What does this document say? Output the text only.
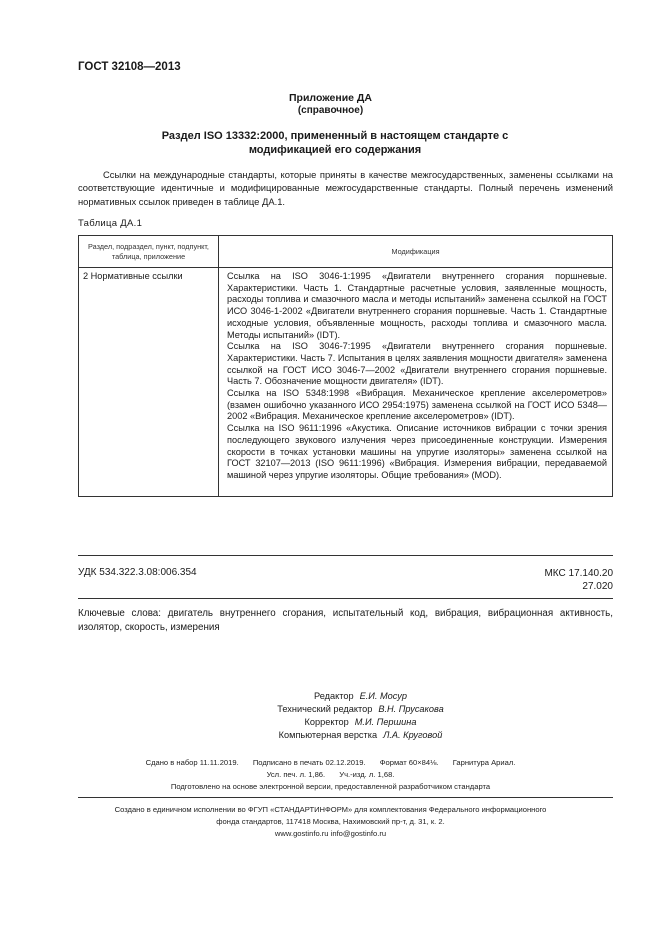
ГОСТ 32108—2013
Приложение ДА
(справочное)
Раздел ISO 13332:2000, примененный в настоящем стандарте с модификацией его содержания
Ссылки на международные стандарты, которые приняты в качестве межгосударственных, заменены ссылками на соответствующие идентичные и модифицированные межгосударственные стандарты. Полный перечень изменений нормативных ссылок приведен в таблице ДА.1.
Таблица ДА.1
Раздел, подраздел, пункт, подпункт, таблица, приложение	Модификация
2 Нормативные ссылки	Ссылка на ISO 3046-1:1995 «Двигатели внутреннего сгорания поршневые. Характеристики. Часть 1. Стандартные расчетные условия, заявленные мощность, расходы топлива и смазочного масла и методы испытаний» заменена ссылкой на ГОСТ ИСО 3046-1-2002 «Двигатели внутреннего сгорания поршневые. Часть 1. Стандартные исходные условия, объявленные мощность, расходы топлива и смазочного масла. Методы испытаний» (IDT).

Ссылка на ISO 3046-7:1995 «Двигатели внутреннего сгорания поршневые. Характеристики. Часть 7. Испытания в целях заявления мощности двигателя» заменена ссылкой на ГОСТ ИСО 3046-7—2002 «Двигатели внутреннего сгорания поршневые. Часть 7. Обозначение мощности двигателя» (IDT).

Ссылка на ISO 5348:1998 «Вибрация. Механическое крепление акселерометров» (взамен ошибочно указанного ИСО 2954:1975) заменена ссылкой на ГОСТ ИСО 5348—2002 «Вибрация. Механическое крепление акселерометров» (IDT).

Ссылка на ISO 9611:1996 «Акустика. Описание источников вибрации с точки зрения последующего звукового излучения через присоединенные конструкции. Измерения скорости в точках установки машины на упругие изоляторы» заменена ссылкой на ГОСТ 32107—2013 (ISO 9611:1996) «Вибрация. Измерения вибрации, передаваемой машиной через упругие изоляторы. Общие требования» (MOD).

УДК 534.322.3.08:006.354	МКС 17.140.20
27.020
Ключевые слова: двигатель внутреннего сгорания, испытательный код, вибрация, вибрационная активность, изолятор, скорость, измерения
Редактор Е.И. Мосур
Технический редактор В.Н. Прусакова
Корректор М.И. Першина
Компьютерная верстка Л.А. Круговой
Сдано в набор 11.11.2019. Подписано в печать 02.12.2019. Формат 60×84⅛. Гарнитура Ариал.
Усл. печ. л. 1,86. Уч.-изд. л. 1,68.
Подготовлено на основе электронной версии, предоставленной разработчиком стандарта
Создано в единичном исполнении во ФГУП «СТАНДАРТИНФОРМ» для комплектования Федерального информационного
фонда стандартов, 117418 Москва, Нахимовский пр-т, д. 31, к. 2.
www.gostinfo.ru info@gostinfo.ru
